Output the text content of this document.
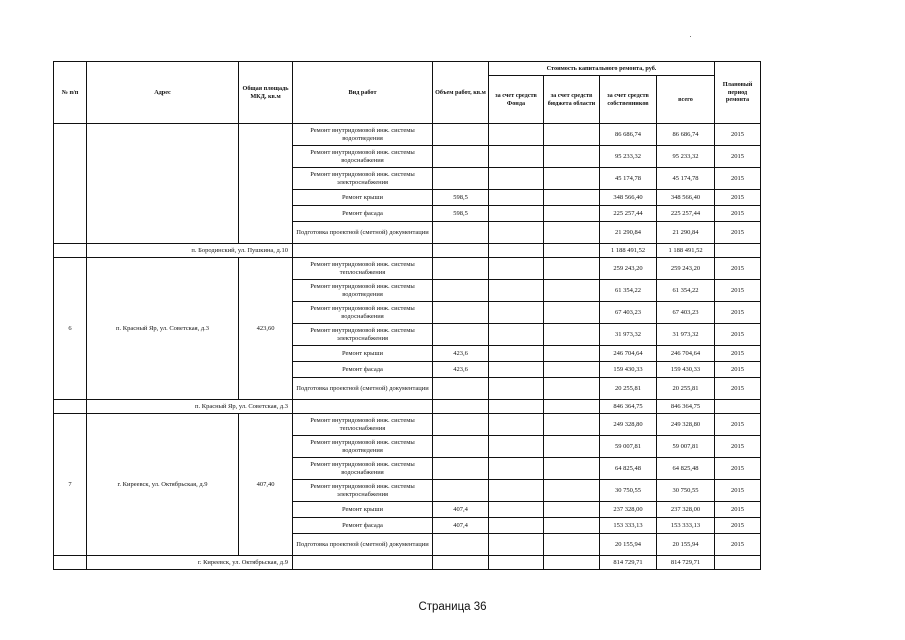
№ п/п	Адрес	Общая площадь МКД, кв.м	Вид работ	Объем работ, кв.м	Стоимость капитального ремонта, руб.				Плановый период ремонта
					за счет средств Фонда	за счет средств бюджета области	за счет средств собственников	всего	
			Ремонт внутридомовой инж. системы водоотведения				86 686,74	86 686,74	2015
			Ремонт внутридомовой инж. системы водоснабжения				95 233,32	95 233,32	2015
			Ремонт внутридомовой инж. системы электроснабжения				45 174,78	45 174,78	2015
			Ремонт крыши	598,5			348 566,40	348 566,40	2015
			Ремонт фасада	598,5			225 257,44	225 257,44	2015
			Подготовка проектной (сметной) документации				21 290,84	21 290,84	2015
	п. Бородинский, ул. Пушкина, д.10						1 188 491,52	1 188 491,52	
6	п. Красный Яр, ул. Советская, д.3	423,60	Ремонт внутридомовой инж. системы теплоснабжения				259 243,20	259 243,20	2015
			Ремонт внутридомовой инж. системы водоотведения				61 354,22	61 354,22	2015
			Ремонт внутридомовой инж. системы водоснабжения				67 403,23	67 403,23	2015
			Ремонт внутридомовой инж. системы электроснабжения				31 973,32	31 973,32	2015
			Ремонт крыши	423,6			246 704,64	246 704,64	2015
			Ремонт фасада	423,6			159 430,33	159 430,33	2015
			Подготовка проектной (сметной) документации				20 255,81	20 255,81	2015
	п. Красный Яр, ул. Советская, д.3						846 364,75	846 364,75	
7	г. Киреевск, ул. Октябрьская, д.9	407,40	Ремонт внутридомовой инж. системы теплоснабжения				249 328,80	249 328,80	2015
			Ремонт внутридомовой инж. системы водоотведения				59 007,81	59 007,81	2015
			Ремонт внутридомовой инж. системы водоснабжения				64 825,48	64 825,48	2015
			Ремонт внутридомовой инж. системы электроснабжения				30 750,55	30 750,55	2015
			Ремонт крыши	407,4			237 328,00	237 328,00	2015
			Ремонт фасада	407,4			153 333,13	153 333,13	2015
			Подготовка проектной (сметной) документации				20 155,94	20 155,94	2015
	г. Киреевск, ул. Октябрьская, д.9						814 729,71	814 729,71	
Страница 36
